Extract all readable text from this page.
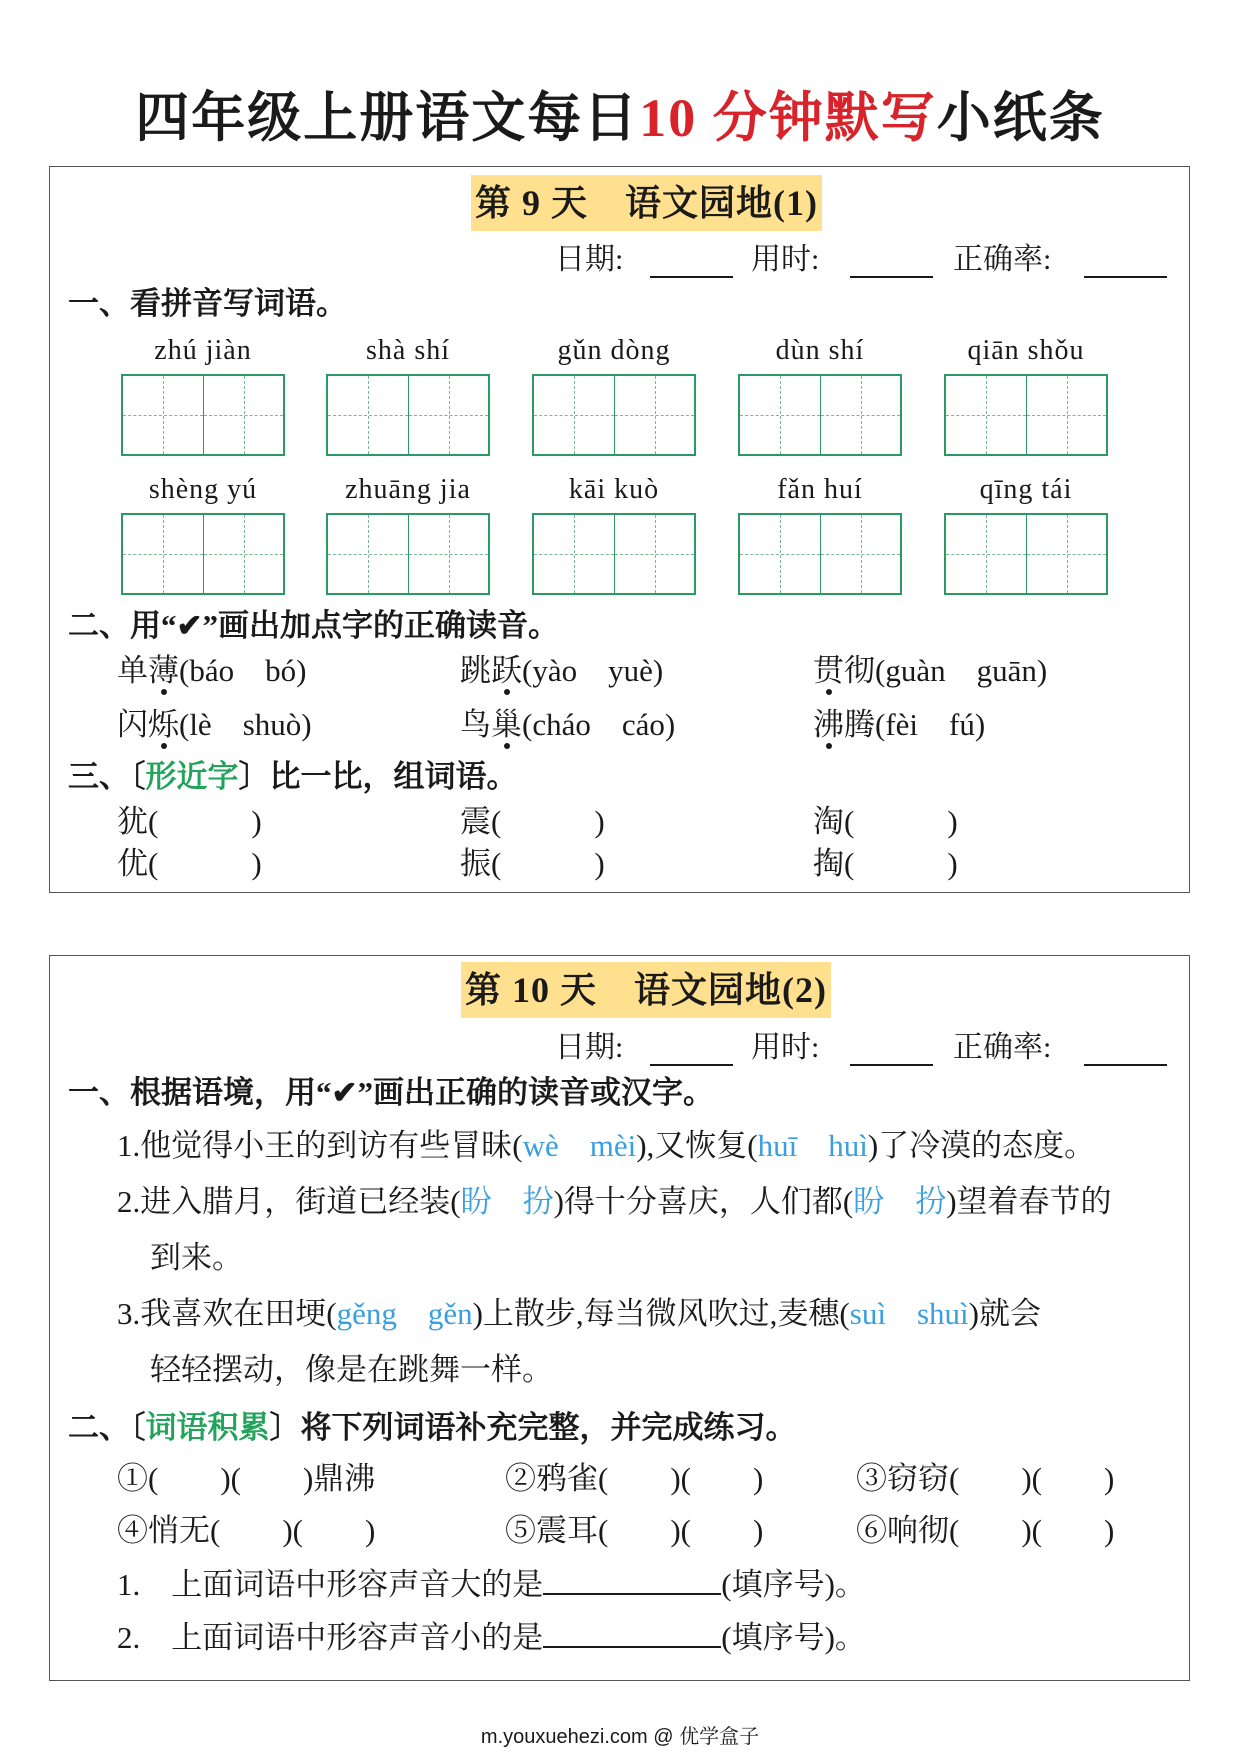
四年级上册语文每日10 分钟默写小纸条
第 9 天　语文园地(1)
日期:	用时:	正确率:
一、看拼音写词语。
zhú jiàn	shà shí	gǔn dòng	dùn shí	qiān shǒu
shèng yú	zhuāng jia	kāi kuò	fǎn huí	qīng tái
二、用“✔”画出加点字的正确读音。
单薄(báo　bó)	跳跃(yào　yuè)	贯彻(guàn　guān)
闪烁(lè　shuò)	鸟巢(cháo　cáo)	沸腾(fèi　fú)
三、〔形近字〕比一比，组词语。
犹(　　　)	震(　　　)	淘(　　　)
优(　　　)	振(　　　)	掏(　　　)
第 10 天　语文园地(2)
日期:	用时:	正确率:
一、根据语境，用“✔”画出正确的读音或汉字。
1.他觉得小王的到访有些冒昧(wè　mèi),又恢复(huī　huì)了冷漠的态度。
2.进入腊月，街道已经装(盼　扮)得十分喜庆，人们都(盼　扮)望着春节的
到来。
3.我喜欢在田埂(gěng　gěn)上散步,每当微风吹过,麦穗(suì　shuì)就会
轻轻摆动，像是在跳舞一样。
二、〔词语积累〕将下列词语补充完整，并完成练习。
①(　　)(　　)鼎沸	②鸦雀(　　)(　　)	③窃窃(　　)(　　)
④悄无(　　)(　　)	⑤震耳(　　)(　　)	⑥响彻(　　)(　　)
1.　上面词语中形容声音大的是	(填序号)。
2.　上面词语中形容声音小的是	(填序号)。
m.youxuehezi.com @ 优学盒子
